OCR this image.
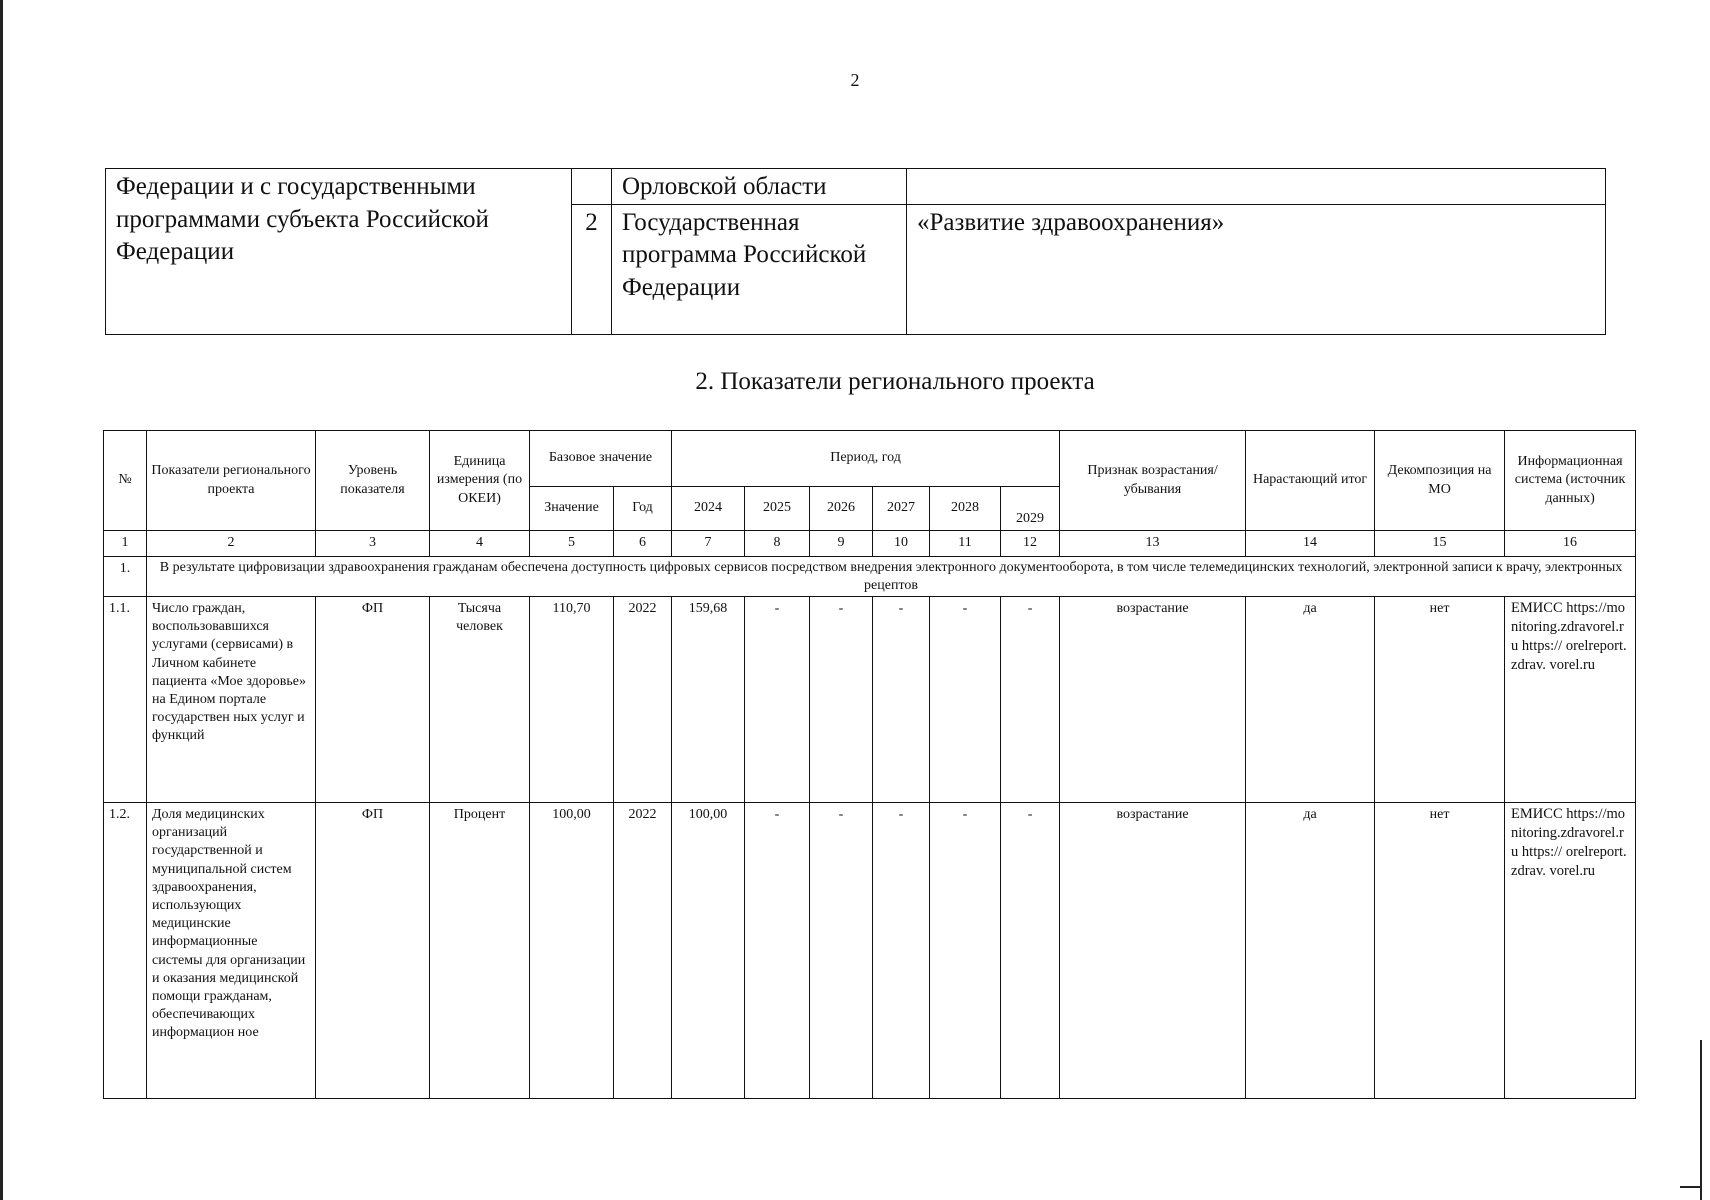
2
Федерации и с государственными программами субъекта Российской Федерации		Орловской области	
	2	Государственная программа Российской Федерации	«Развитие здравоохранения»
2. Показатели регионального проекта
№	Показатели регионального проекта	Уровень показателя	Единица измерения (по ОКЕИ)	Базовое значение		Период, год						Признак возрастания/убывания	Нарастающий итог	Декомпозиция на МО	Информационная система (источник данных)
				Значение	Год	2024	2025	2026	2027	2028	2029				
1	2	3	4	5	6	7	8	9	10	11	12	13	14	15	16
1.	В результате цифровизации здравоохранения гражданам обеспечена доступность цифровых сервисов посредством внедрения электронного документооборота, в том числе телемедицинских технологий, электронной записи к врачу, электронных рецептов														
1.1.	Число граждан, воспользовавшихся услугами (сервисами) в Личном кабинете пациента «Мое здоровье» на Едином портале государствен ных услуг и функций	ФП	Тысяча человек	110,70	2022	159,68	-	-	-	-	-	возрастание	да	нет	ЕМИСС https://monitoring.zdravorel.ru https:// orelreport. zdrav. vorel.ru
1.2.	Доля медицинских организаций государственной и муниципальной систем здравоохранения, использующих медицинские информационные системы для организации и оказания медицинской помощи гражданам, обеспечивающих информацион ное	ФП	Процент	100,00	2022	100,00	-	-	-	-	-	возрастание	да	нет	ЕМИСС https://monitoring.zdravorel.ru https:// orelreport. zdrav. vorel.ru
